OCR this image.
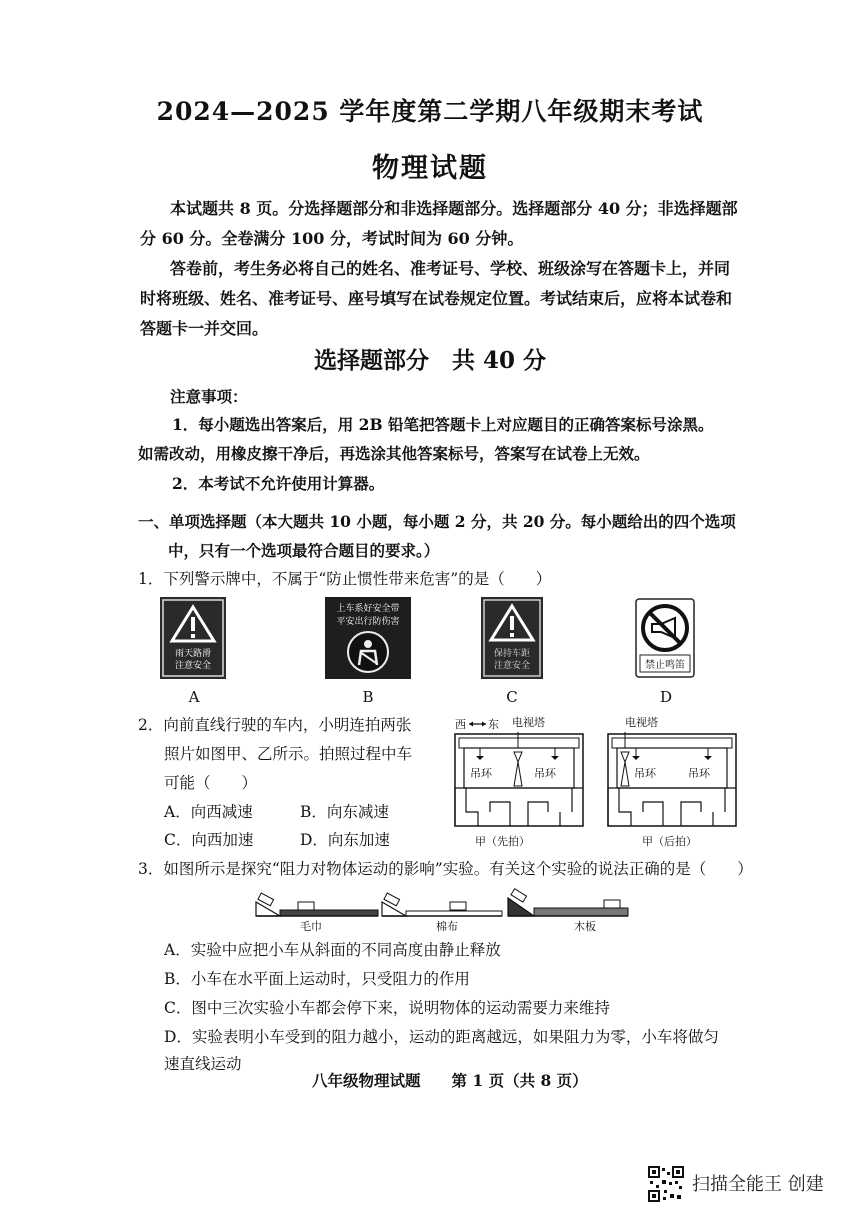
2024—2025 学年度第二学期八年级期末考试
物理试题
本试题共 8 页。分选择题部分和非选择题部分。选择题部分 40 分；非选择题部
分 60 分。全卷满分 100 分，考试时间为 60 分钟。
答卷前，考生务必将自己的姓名、准考证号、学校、班级涂写在答题卡上，并同
时将班级、姓名、准考证号、座号填写在试卷规定位置。考试结束后，应将本试卷和
答题卡一并交回。
选择题部分　共 40 分
注意事项：
1．每小题选出答案后，用 2B 铅笔把答题卡上对应题目的正确答案标号涂黑。
如需改动，用橡皮擦干净后，再选涂其他答案标号，答案写在试卷上无效。
2．本考试不允许使用计算器。
一、单项选择题（本大题共 10 小题，每小题 2 分，共 20 分。每小题给出的四个选项
中，只有一个选项最符合题目的要求。）
1．下列警示牌中，不属于“防止惯性带来危害”的是（　　）
雨天路滑
注意安全
上车系好安全带
平安出行防伤害
保持车距
注意安全	禁止鸣笛
A	B	C	D
2．向前直线行驶的车内，小明连拍两张
照片如图甲、乙所示。拍照过程中车
可能（　　）
A．向西减速	B．向东减速
C．向西加速	D．向东加速
西 东 电视塔	电视塔
吊环	吊环
甲（先拍）
吊环	吊环
甲（后拍）
3．如图所示是探究“阻力对物体运动的影响”实验。有关这个实验的说法正确的是（　　）
毛巾	棉布	木板
A．实验中应把小车从斜面的不同高度由静止释放
B．小车在水平面上运动时，只受阻力的作用
C．图中三次实验小车都会停下来，说明物体的运动需要力来维持
D．实验表明小车受到的阻力越小，运动的距离越远，如果阻力为零，小车将做匀
速直线运动
八年级物理试题　　第 1 页（共 8 页）
扫描全能王 创建
